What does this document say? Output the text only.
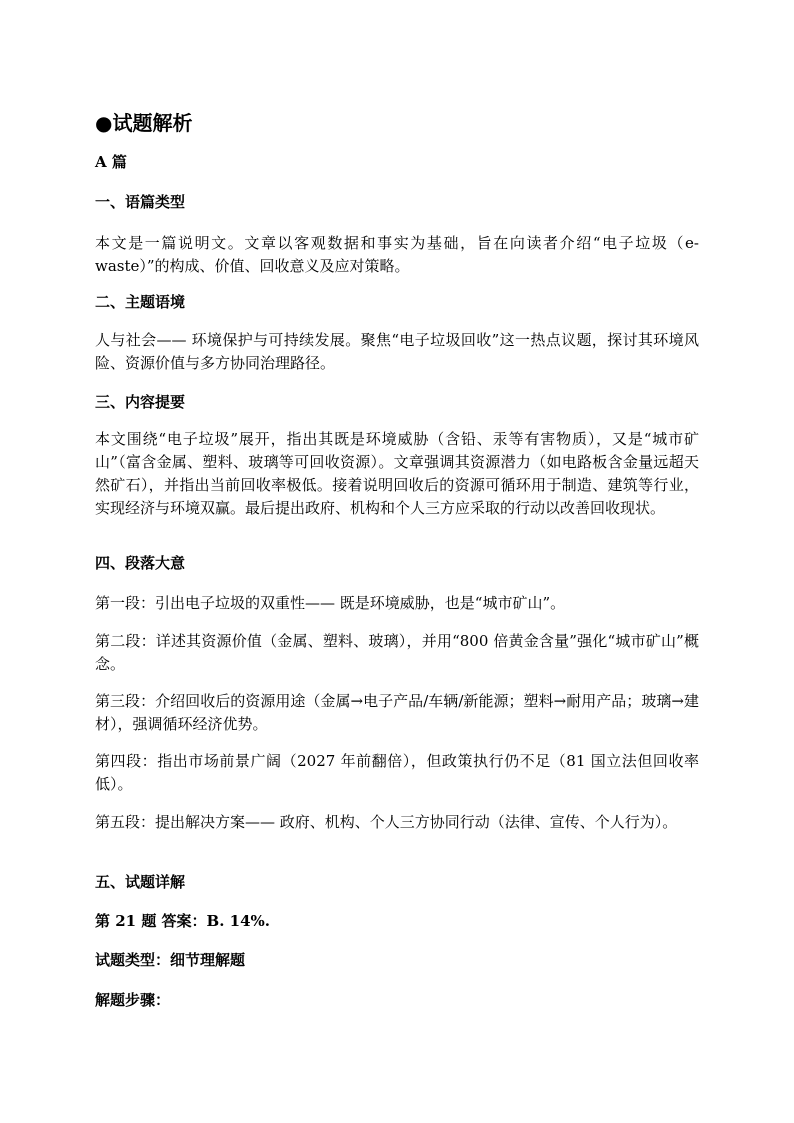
●试题解析
A 篇
一、语篇类型
本文是一篇说明文。文章以客观数据和事实为基础，旨在向读者介绍“电子垃圾（e-waste）”的构成、价值、回收意义及应对策略。
二、主题语境
人与社会—— 环境保护与可持续发展。聚焦“电子垃圾回收”这一热点议题，探讨其环境风险、资源价值与多方协同治理路径。
三、内容提要
本文围绕“电子垃圾”展开，指出其既是环境威胁（含铅、汞等有害物质），又是“城市矿山”（富含金属、塑料、玻璃等可回收资源）。文章强调其资源潜力（如电路板含金量远超天然矿石），并指出当前回收率极低。接着说明回收后的资源可循环用于制造、建筑等行业，实现经济与环境双赢。最后提出政府、机构和个人三方应采取的行动以改善回收现状。
四、段落大意
第一段：引出电子垃圾的双重性—— 既是环境威胁，也是“城市矿山”。
第二段：详述其资源价值（金属、塑料、玻璃），并用“800 倍黄金含量”强化“城市矿山”概念。
第三段：介绍回收后的资源用途（金属→电子产品/车辆/新能源；塑料→耐用产品；玻璃→建材），强调循环经济优势。
第四段：指出市场前景广阔（2027 年前翻倍），但政策执行仍不足（81 国立法但回收率低）。
第五段：提出解决方案—— 政府、机构、个人三方协同行动（法律、宣传、个人行为）。
五、试题详解
第 21 题 答案：B. 14%.
试题类型：细节理解题
解题步骤：
